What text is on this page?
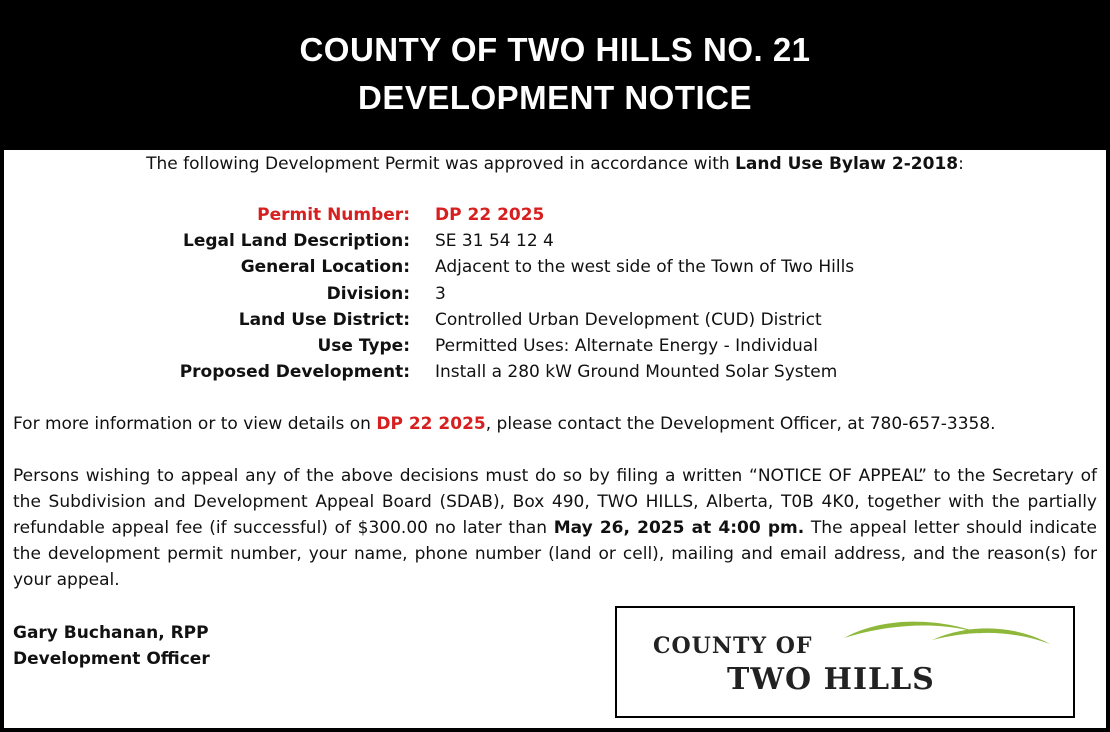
COUNTY OF TWO HILLS NO. 21
DEVELOPMENT NOTICE
The following Development Permit was approved in accordance with Land Use Bylaw 2-2018:
Permit Number: DP 22 2025
Legal Land Description: SE 31 54 12 4
General Location: Adjacent to the west side of the Town of Two Hills
Division: 3
Land Use District: Controlled Urban Development (CUD) District
Use Type: Permitted Uses: Alternate Energy - Individual
Proposed Development: Install a 280 kW Ground Mounted Solar System
For more information or to view details on DP 22 2025, please contact the Development Officer, at 780-657-3358.
Persons wishing to appeal any of the above decisions must do so by filing a written “NOTICE OF APPEAL” to the Secretary of the Subdivision and Development Appeal Board (SDAB), Box 490, TWO HILLS, Alberta, T0B 4K0, together with the partially refundable appeal fee (if successful) of $300.00 no later than May 26, 2025 at 4:00 pm. The appeal letter should indicate the development permit number, your name, phone number (land or cell), mailing and email address, and the reason(s) for your appeal.
Gary Buchanan, RPP
Development Officer	COUNTY OF
TWO HILLS
